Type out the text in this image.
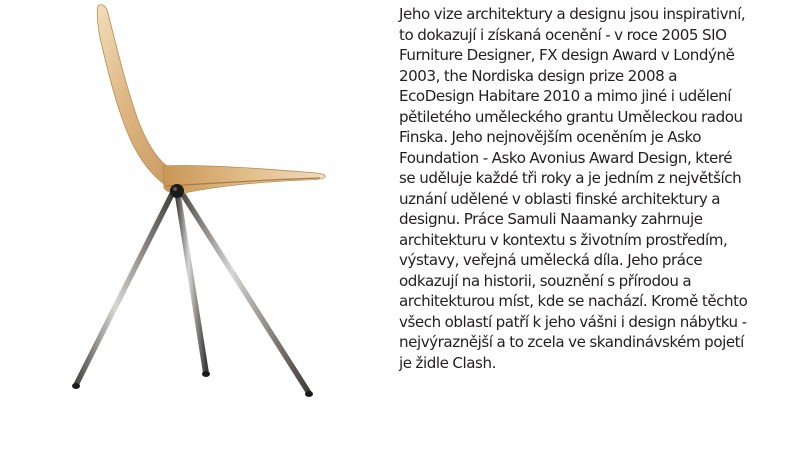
Jeho vize architektury a designu jsou inspirativní,
to dokazují i získaná ocenění - v roce 2005 SIO
Furniture Designer, FX design Award v Londýně
2003, the Nordiska design prize 2008 a
EcoDesign Habitare 2010 a mimo jiné i udělení
pětiletého uměleckého grantu Uměleckou radou
Finska. Jeho nejnovějším oceněním je Asko
Foundation - Asko Avonius Award Design, které
se uděluje každé tři roky a je jedním z největších
uznání udělené v oblasti finské architektury a
designu. Práce Samuli Naamanky zahrnuje
architekturu v kontextu s životním prostředím,
výstavy, veřejná umělecká díla. Jeho práce
odkazují na historii, souznění s přírodou a
architekturou míst, kde se nachází. Kromě těchto
všech oblastí patří k jeho vášni i design nábytku -
nejvýraznější a to zcela ve skandinávském pojetí
je židle Clash.
